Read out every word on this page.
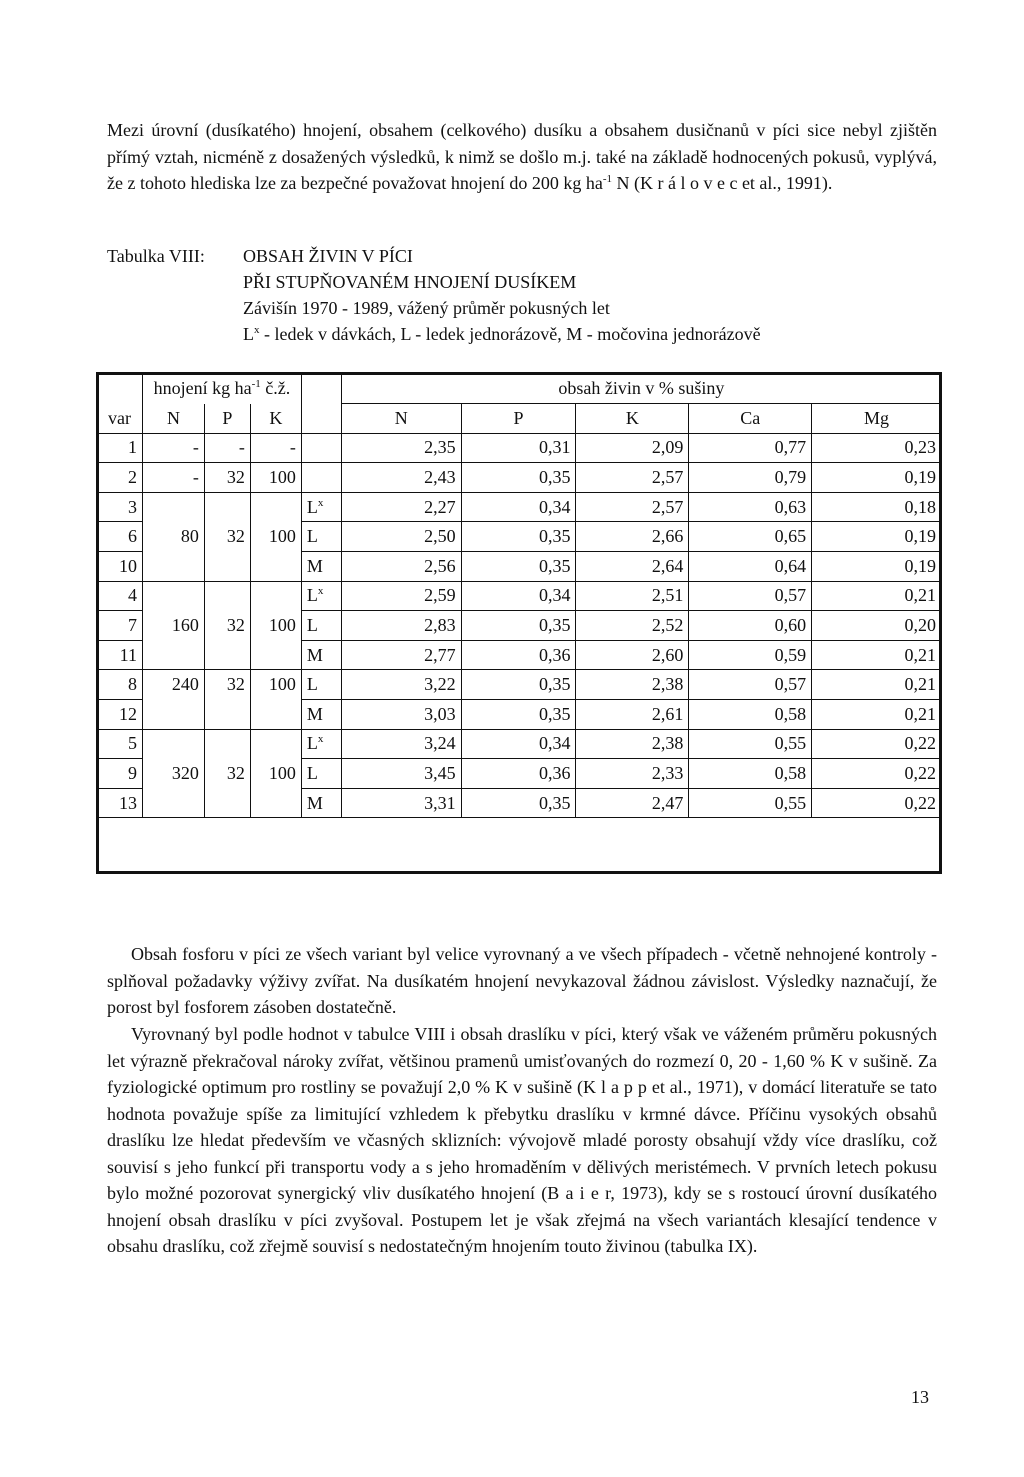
Mezi úrovní (dusíkatého) hnojení, obsahem (celkového) dusíku a obsahem dusičnanů v píci sice nebyl zjištěn přímý vztah, nicméně z dosažených výsledků, k nimž se došlo m.j. také na základě hodnocených pokusů, vyplývá, že z tohoto hlediska lze za bezpečné považovat hnojení do 200 kg $ha^{-1}$ N (K r á l o v e c et al., 1991).

Tabulka VIII: OBSAH ŽIVIN V PÍCI
PŘI STUPŇOVANÉM HNOJENÍ DUSÍKEM
Závišín 1970 - 1989, vážený průměr pokusných let
$L^x$ - ledek v dávkách, L - ledek jednorázově, M - močovina jednorázově
	hnojení kg $ha^{-1}$ č.ž.				obsah živin v % sušiny				
var	N	P	K		N	P	K	Ca	Mg
1	-	-	-		2,35	0,31	2,09	0,77	0,23
2	-	32	100		2,43	0,35	2,57	0,79	0,19
3				$L^x$	2,27	0,34	2,57	0,63	0,18
6	80	32	100	L	2,50	0,35	2,66	0,65	0,19
10				M	2,56	0,35	2,64	0,64	0,19
4				$L^x$	2,59	0,34	2,51	0,57	0,21
7	160	32	100	L	2,83	0,35	2,52	0,60	0,20
11				M	2,77	0,36	2,60	0,59	0,21
8	240	32	100	L	3,22	0,35	2,38	0,57	0,21
12				M	3,03	0,35	2,61	0,58	0,21
5				$L^x$	3,24	0,34	2,38	0,55	0,22
9	320	32	100	L	3,45	0,36	2,33	0,58	0,22
13				M	3,31	0,35	2,47	0,55	0,22

Obsah fosforu v píci ze všech variant byl velice vyrovnaný a ve všech případech - včetně nehnojené kontroly - splňoval požadavky výživy zvířat. Na dusíkatém hnojení nevykazoval žádnou závislost. Výsledky naznačují, že porost byl fosforem zásoben dostatečně.

Vyrovnaný byl podle hodnot v tabulce VIII i obsah draslíku v píci, který však ve váženém průměru pokusných let výrazně překračoval nároky zvířat, většinou pramenů umisťovaných do rozmezí 0, 20 - 1,60 % K v sušině. Za fyziologické optimum pro rostliny se považují 2,0 % K v sušině (K l a p p et al., 1971), v domácí literatuře se tato hodnota považuje spíše za limitující vzhledem k přebytku draslíku v krmné dávce. Příčinu vysokých obsahů draslíku lze hledat především ve včasných sklizních: vývojově mladé porosty obsahují vždy více draslíku, což souvisí s jeho funkcí při transportu vody a s jeho hromaděním v dělivých meristémech. V prvních letech pokusu bylo možné pozorovat synergický vliv dusíkatého hnojení (B a i e r, 1973), kdy se s rostoucí úrovní dusíkatého hnojení obsah draslíku v píci zvyšoval. Postupem let je však zřejmá na všech variantách klesající tendence v obsahu draslíku, což zřejmě souvisí s nedostatečným hnojením touto živinou (tabulka IX).

13
